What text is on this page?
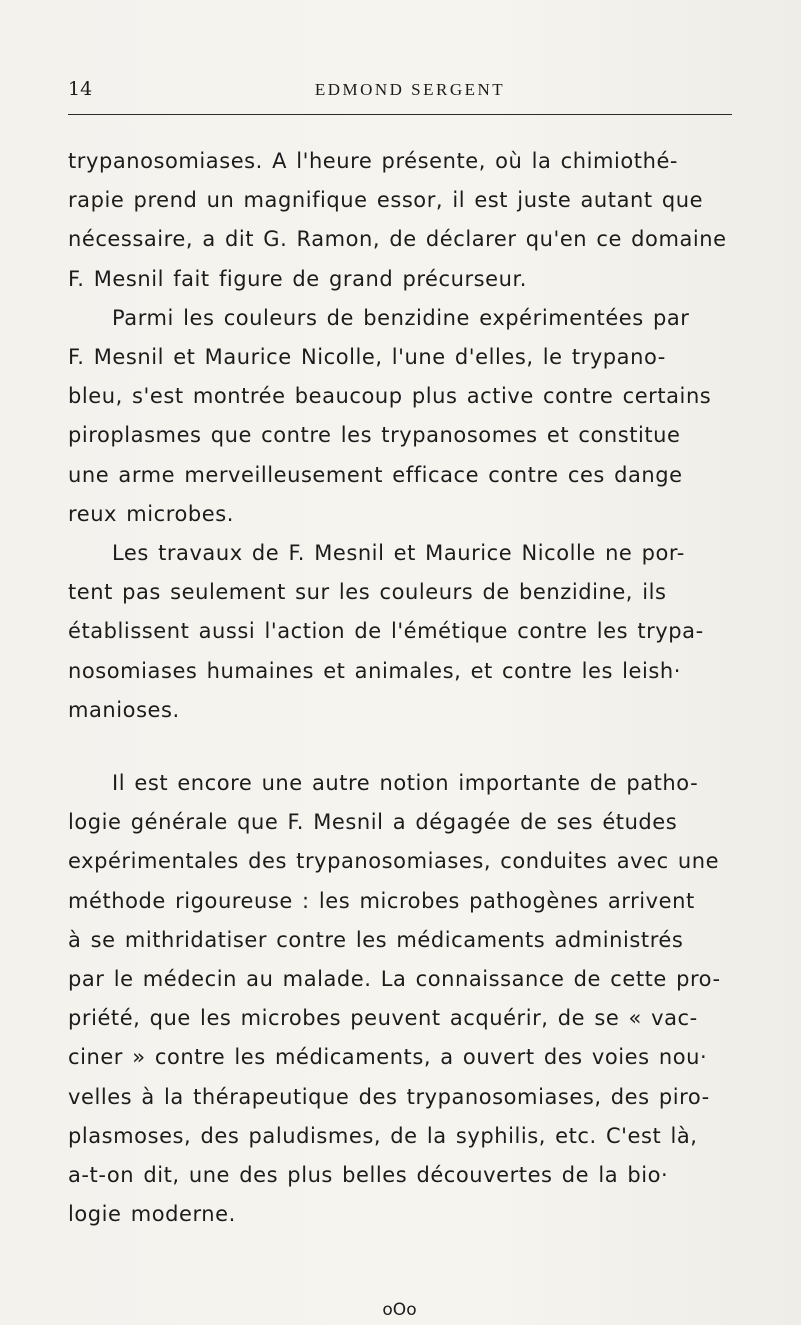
14	EDMOND SERGENT

trypanosomiases. A l'heure présente, où la chimiothé-
rapie prend un magnifique essor, il est juste autant que
nécessaire, a dit G. Ramon, de déclarer qu'en ce domaine
F. Mesnil fait figure de grand précurseur.

Parmi les couleurs de benzidine expérimentées par
F. Mesnil et Maurice Nicolle, l'une d'elles, le trypano-
bleu, s'est montrée beaucoup plus active contre certains
piroplasmes que contre les trypanosomes et constitue
une arme merveilleusement efficace contre ces dange
reux microbes.

Les travaux de F. Mesnil et Maurice Nicolle ne por-
tent pas seulement sur les couleurs de benzidine, ils
établissent aussi l'action de l'émétique contre les trypa-
nosomiases humaines et animales, et contre les leish·
manioses.

Il est encore une autre notion importante de patho-
logie générale que F. Mesnil a dégagée de ses études
expérimentales des trypanosomiases, conduites avec une
méthode rigoureuse : les microbes pathogènes arrivent
à se mithridatiser contre les médicaments administrés
par le médecin au malade. La connaissance de cette pro-
priété, que les microbes peuvent acquérir, de se « vac-
ciner » contre les médicaments, a ouvert des voies nou·
velles à la thérapeutique des trypanosomiases, des piro-
plasmoses, des paludismes, de la syphilis, etc. C'est là,
a-t-on dit, une des plus belles découvertes de la bio·
logie moderne.

oOo
